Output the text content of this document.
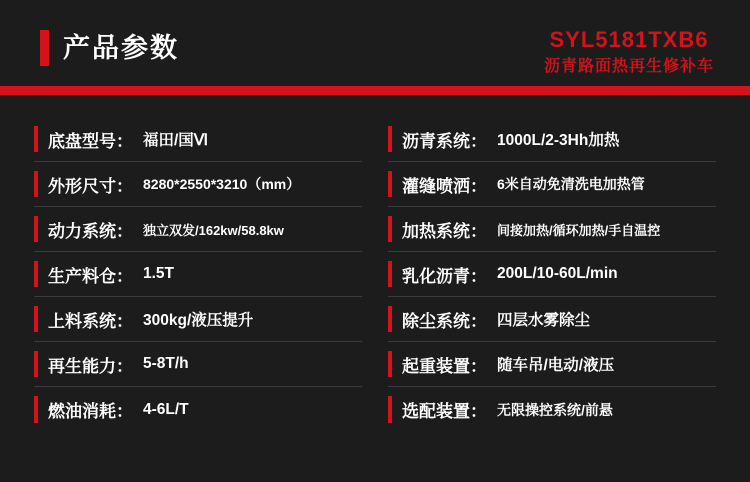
产品参数	SYL5181TXB6
沥青路面热再生修补车
底盘型号： 福田/国Ⅵ
外形尺寸： 8280*2550*3210（mm）
动力系统： 独立双发/162kw/58.8kw
生产料仓： 1.5T
上料系统： 300kg/液压提升
再生能力： 5-8T/h
燃油消耗： 4-6L/T
沥青系统： 1000L/2-3Hh加热
灌缝喷洒： 6米自动免清洗电加热管
加热系统： 间接加热/循环加热/手自温控
乳化沥青： 200L/10-60L/min
除尘系统： 四层水雾除尘
起重装置： 随车吊/电动/液压
选配装置： 无限操控系统/前悬
